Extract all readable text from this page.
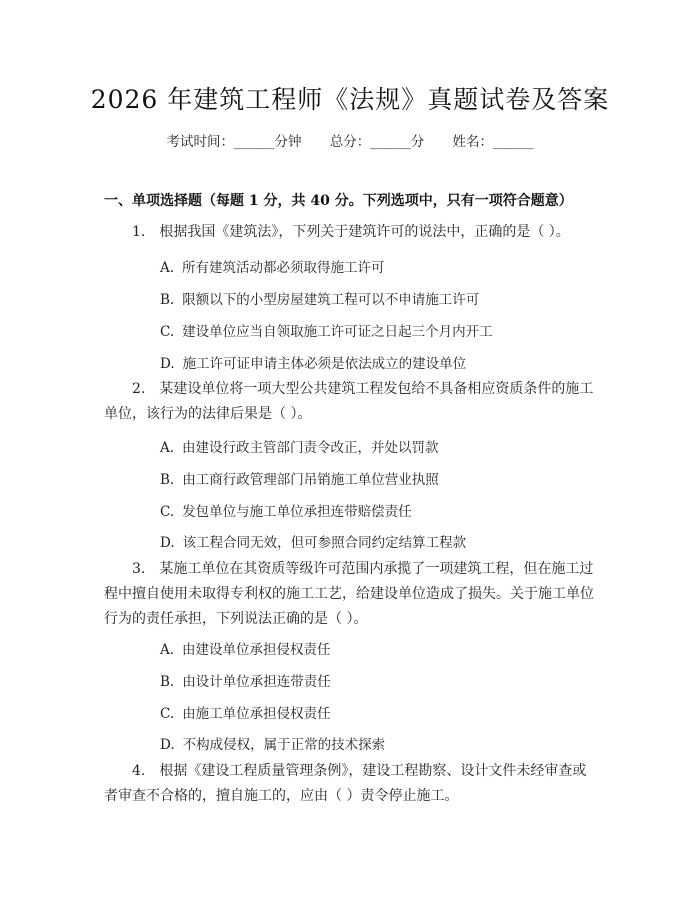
2026 年建筑工程师《法规》真题试卷及答案
考试时间：______分钟 总分：______分 姓名：______
一、单项选择题（每题 1 分，共 40 分。下列选项中，只有一项符合题意）
1.　根据我国《建筑法》，下列关于建筑许可的说法中，正确的是（ ）。
A. 所有建筑活动都必须取得施工许可
B. 限额以下的小型房屋建筑工程可以不申请施工许可
C. 建设单位应当自领取施工许可证之日起三个月内开工
D. 施工许可证申请主体必须是依法成立的建设单位
2.　某建设单位将一项大型公共建筑工程发包给不具备相应资质条件的施工单位，该行为的法律后果是（ ）。
A. 由建设行政主管部门责令改正，并处以罚款
B. 由工商行政管理部门吊销施工单位营业执照
C. 发包单位与施工单位承担连带赔偿责任
D. 该工程合同无效，但可参照合同约定结算工程款
3.　某施工单位在其资质等级许可范围内承揽了一项建筑工程，但在施工过程中擅自使用未取得专利权的施工工艺，给建设单位造成了损失。关于施工单位行为的责任承担，下列说法正确的是（ ）。
A. 由建设单位承担侵权责任
B. 由设计单位承担连带责任
C. 由施工单位承担侵权责任
D. 不构成侵权，属于正常的技术探索
4.　根据《建设工程质量管理条例》，建设工程勘察、设计文件未经审查或者审查不合格的，擅自施工的，应由（ ）责令停止施工。
